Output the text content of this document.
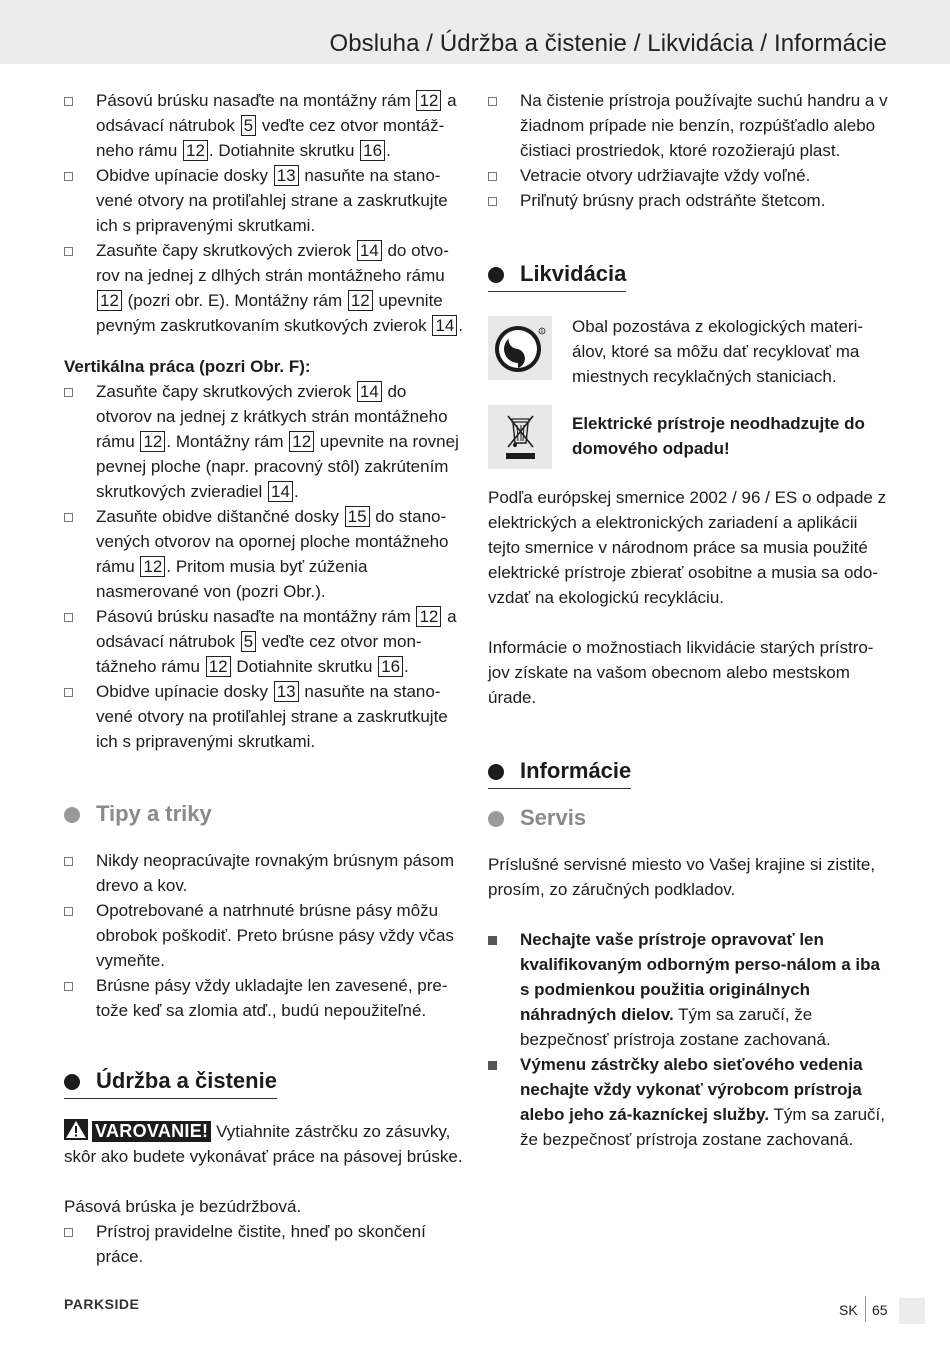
Obsluha / Údržba a čistenie / Likvidácia / Informácie
Pásovú brúsku nasaďte na montážny rám 12 a odsávací nátrubok 5 veďte cez otvor montáž-neho rámu 12 . Dotiahnite skrutku 16 .
Obidve upínacie dosky 13 nasuňte na stano-vené otvory na protiľahlej strane a zaskrutkujte ich s pripravenými skrutkami.
Zasuňte čapy skrutkových zvierok 14 do otvo-rov na jednej z dlhých strán montážneho rámu 12 (pozri obr. E). Montážny rám 12 upevnite pevným zaskrutkovaním skutkových zvierok 14 .
Vertikálna práca (pozri Obr. F):
Zasuňte čapy skrutkových zvierok 14 do otvorov na jednej z krátkych strán montážneho rámu 12 . Montážny rám 12 upevnite na rovnej pevnej ploche (napr. pracovný stôl) zakrútením skrutkových zvieradiel 14 .
Zasuňte obidve dištančné dosky 15 do stano-vených otvorov na opornej ploche montážneho rámu 12 . Pritom musia byť zúženia nasmerované von (pozri Obr.).
Pásovú brúsku nasaďte na montážny rám 12 a odsávací nátrubok 5 veďte cez otvor mon-tážneho rámu 12 Dotiahnite skrutku 16 .
Obidve upínacie dosky 13 nasuňte na stano-vené otvory na protiľahlej strane a zaskrutkujte ich s pripravenými skrutkami.
Tipy a triky
Nikdy neopracúvajte rovnakým brúsnym pásom drevo a kov.
Opotrebované a natrhnuté brúsne pásy môžu obrobok poškodiť. Preto brúsne pásy vždy včas vymeňte.
Brúsne pásy vždy ukladajte len zavesené, pre-tože keď sa zlomia atď., budú nepoužiteľné.
Údržba a čistenie
VAROVANIE! Vytiahnite zástrčku zo zásuvky, skôr ako budete vykonávať práce na pásovej brúske.
Pásová brúska je bezúdržbová.
Prístroj pravidelne čistite, hneď po skončení práce.
Na čistenie prístroja používajte suchú handru a v žiadnom prípade nie benzín, rozpúšťadlo alebo čistiaci prostriedok, ktoré rozožierajú plast.
Vetracie otvory udržiavajte vždy voľné.
Priľnutý brúsny prach odstráňte štetcom.
Likvidácia
R Obal pozostáva z ekologických materi-álov, ktoré sa môžu dať recyklovať ma miestnych recyklačných staniciach.
Elektrické prístroje neodhadzujte do domového odpadu!
Podľa európskej smernice 2002 / 96 / ES o odpade z elektrických a elektronických zariadení a aplikácii tejto smernice v národnom práce sa musia použité elektrické prístroje zbierať osobitne a musia sa odo-vzdať na ekologickú recykláciu.
Informácie o možnostiach likvidácie starých prístro-jov získate na vašom obecnom alebo mestskom úrade.
Informácie
Servis
Príslušné servisné miesto vo Vašej krajine si zistite, prosím, zo záručných podkladov.
Nechajte vaše prístroje opravovať len kvalifikovaným odborným perso-nálom a iba s podmienkou použitia originálnych náhradných dielov. Tým sa zaručí, že bezpečnosť prístroja zostane zachovaná.
Výmenu zástrčky alebo sieťového vedenia nechajte vždy vykonať výrobcom prístroja alebo jeho zá-kazníckej služby. Tým sa zaručí, že bezpečnosť prístroja zostane zachovaná.
PARKSIDE	SK 65
